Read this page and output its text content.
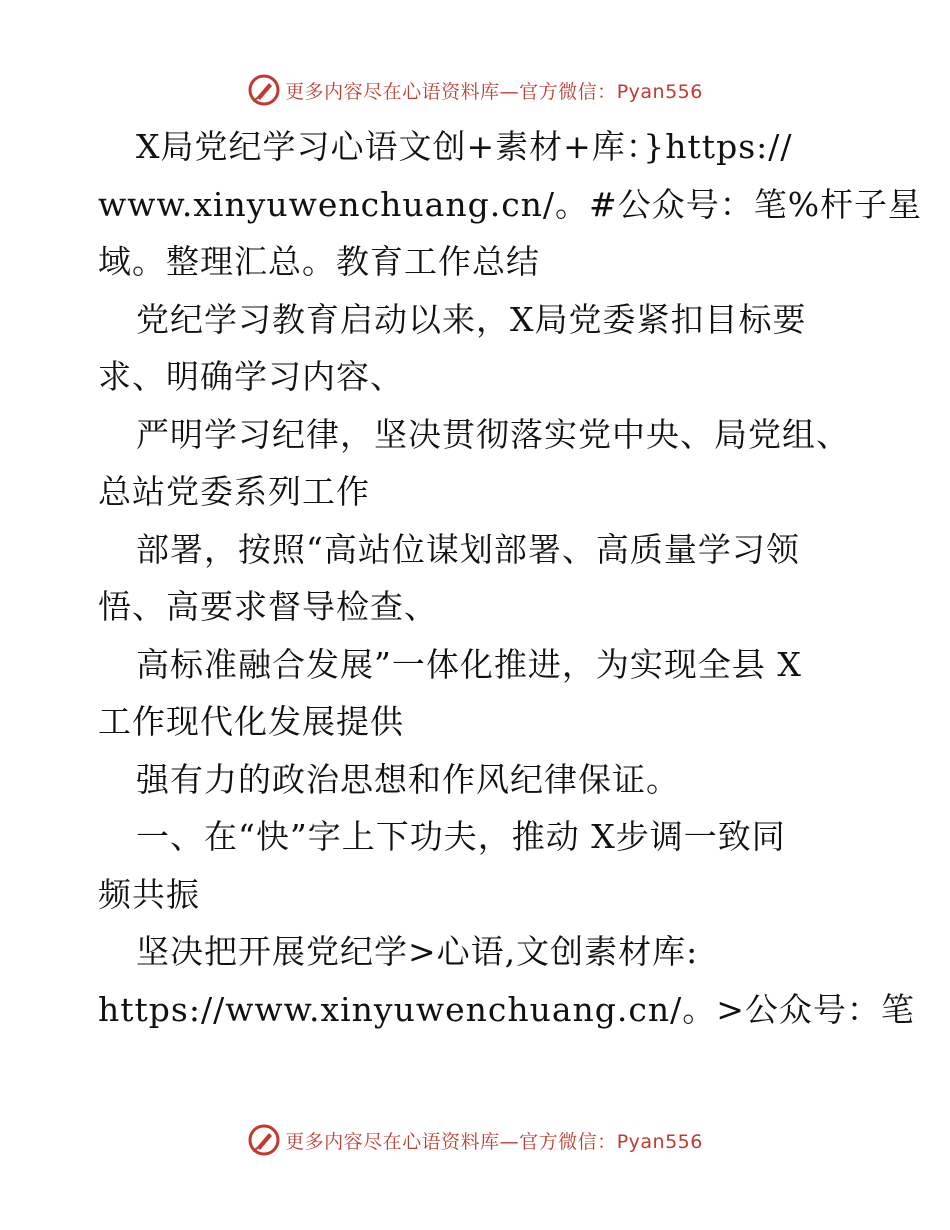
更多内容尽在心语资料库—官方微信：Pyan556
X局党纪学习心语文创+素材+库：}https://
www.xinyuwenchuang.cn/。#公众号：笔%杆子星
域。整理汇总。教育工作总结
党纪学习教育启动以来，X局党委紧扣目标要
求、明确学习内容、
严明学习纪律，坚决贯彻落实党中央、局党组、
总站党委系列工作
部署，按照“高站位谋划部署、高质量学习领
悟、高要求督导检查、
高标准融合发展”一体化推进，为实现全县 X
工作现代化发展提供
强有力的政治思想和作风纪律保证。
一、在“快”字上下功夫，推动 X步调一致同
频共振
坚决把开展党纪学>心语,文创素材库:
https://www.xinyuwenchuang.cn/。>公众号：笔
更多内容尽在心语资料库—官方微信：Pyan556
